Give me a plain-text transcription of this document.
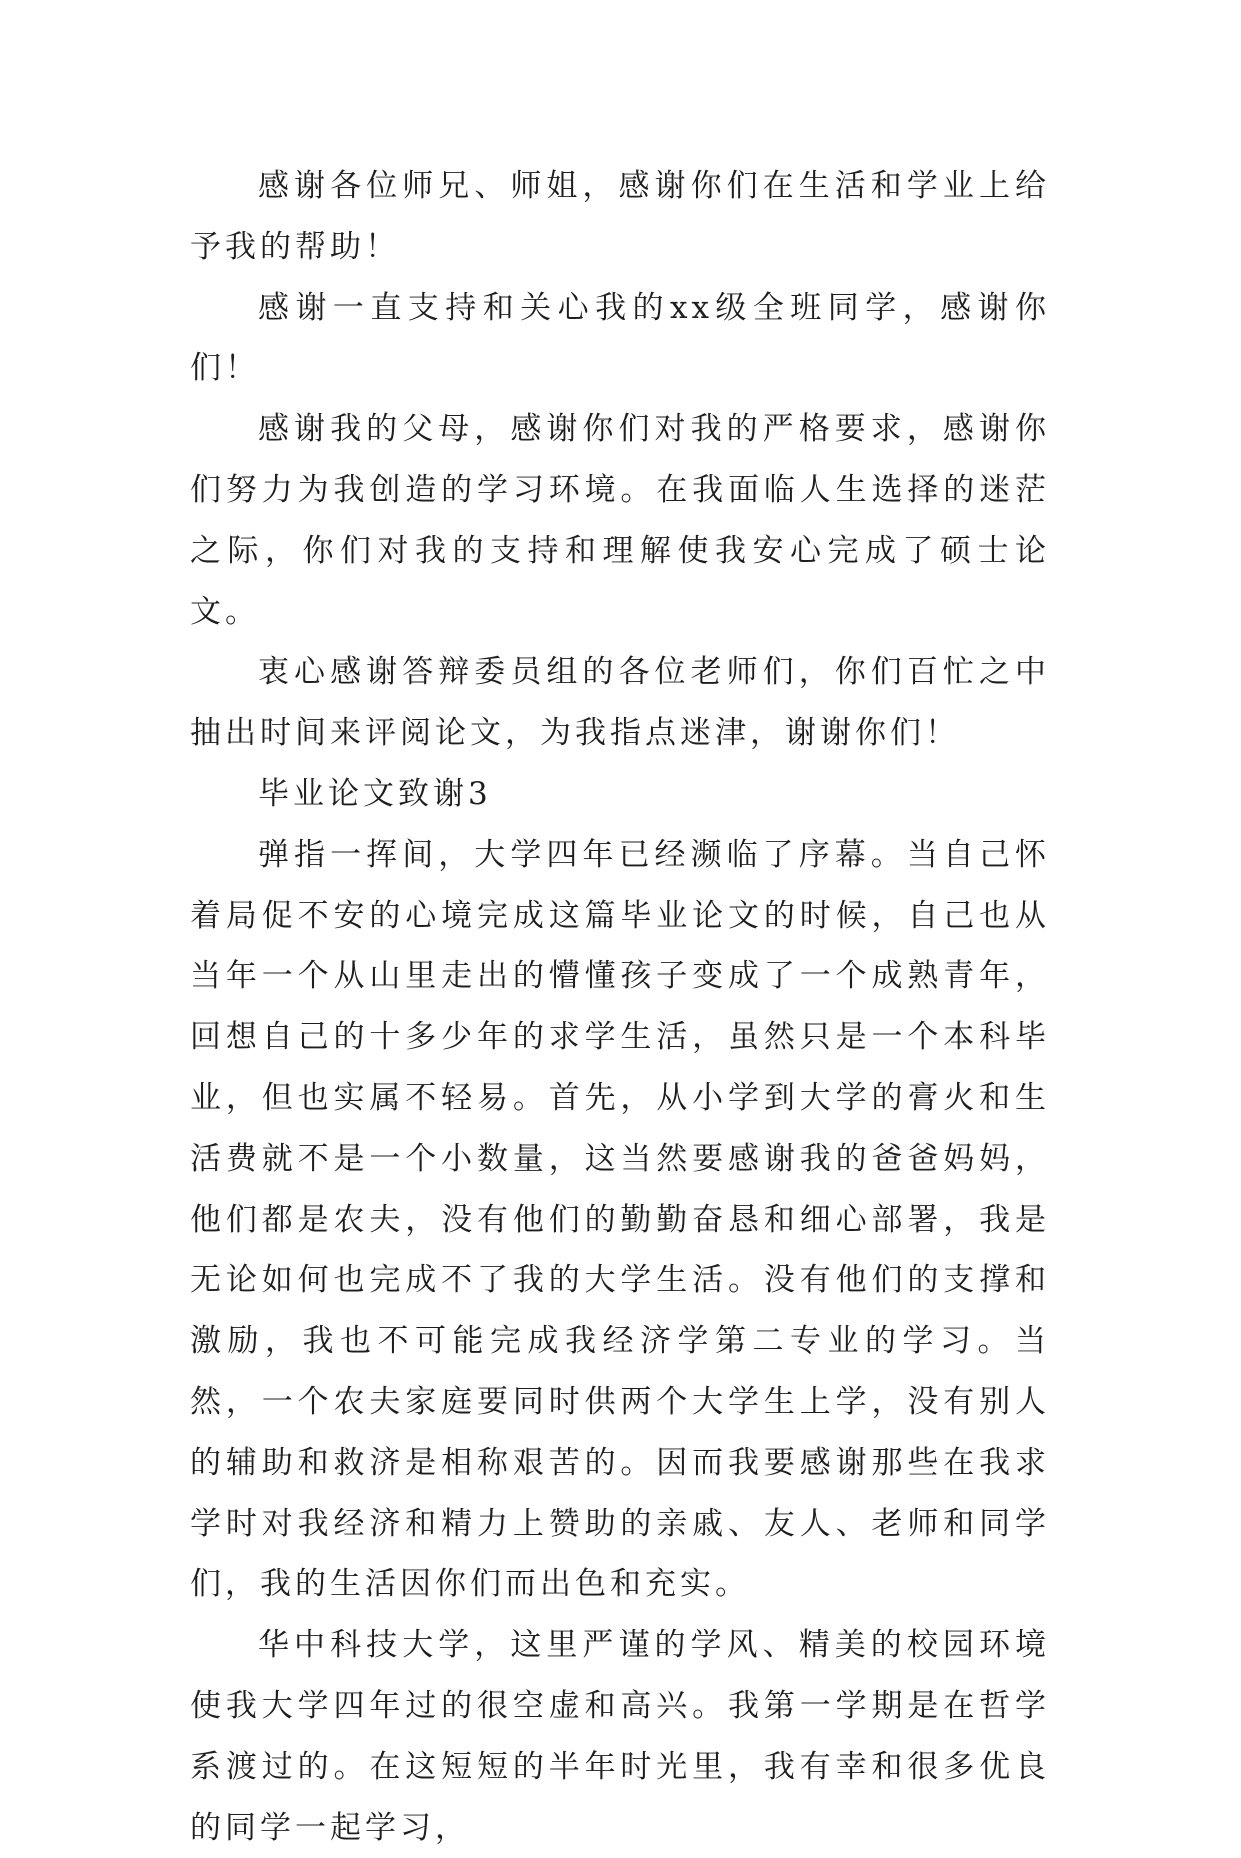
感谢各位师兄、师姐，感谢你们在生活和学业上给予我的帮助！

感谢一直支持和关心我的xx级全班同学，感谢你们！

感谢我的父母，感谢你们对我的严格要求，感谢你们努力为我创造的学习环境。在我面临人生选择的迷茫之际，你们对我的支持和理解使我安心完成了硕士论文。

衷心感谢答辩委员组的各位老师们，你们百忙之中抽出时间来评阅论文，为我指点迷津，谢谢你们！

毕业论文致谢3

弹指一挥间，大学四年已经濒临了序幕。当自己怀着局促不安的心境完成这篇毕业论文的时候，自己也从当年一个从山里走出的懵懂孩子变成了一个成熟青年，回想自己的十多少年的求学生活，虽然只是一个本科毕业，但也实属不轻易。首先，从小学到大学的膏火和生活费就不是一个小数量，这当然要感谢我的爸爸妈妈，他们都是农夫，没有他们的勤勤奋恳和细心部署，我是无论如何也完成不了我的大学生活。没有他们的支撑和激励，我也不可能完成我经济学第二专业的学习。当然，一个农夫家庭要同时供两个大学生上学，没有别人的辅助和救济是相称艰苦的。因而我要感谢那些在我求学时对我经济和精力上赞助的亲戚、友人、老师和同学们，我的生活因你们而出色和充实。

华中科技大学，这里严谨的学风、精美的校园环境使我大学四年过的很空虚和高兴。我第一学期是在哲学系渡过的。在这短短的半年时光里，我有幸和很多优良的同学一起学习，
